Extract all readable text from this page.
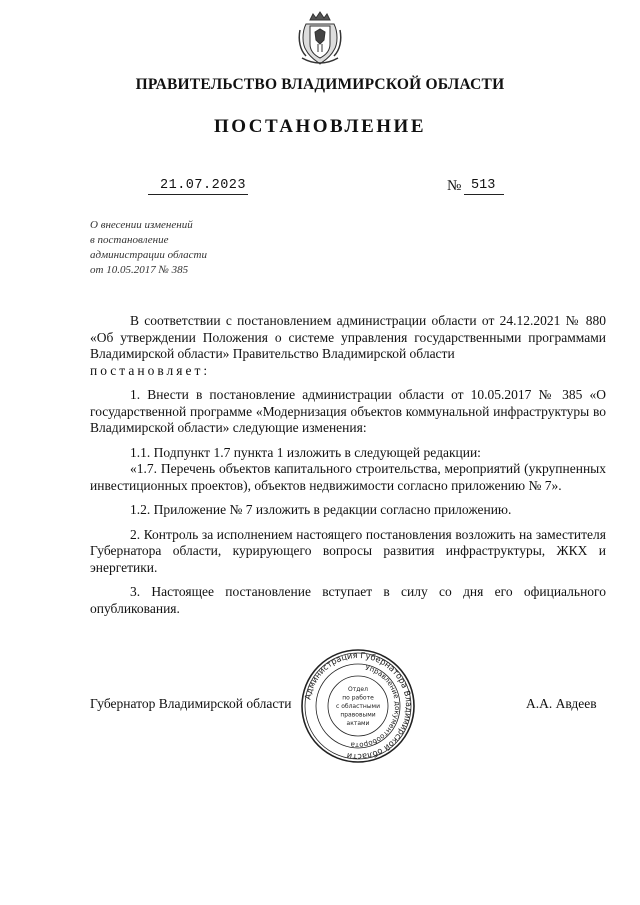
ПРАВИТЕЛЬСТВО ВЛАДИМИРСКОЙ ОБЛАСТИ
ПОСТАНОВЛЕНИЕ
21.07.2023	№ 513
О внесении изменений
в постановление
администрации области
от 10.05.2017 № 385

В соответствии с постановлением администрации области от 24.12.2021 № 880 «Об утверждении Положения о системе управления государственными программами Владимирской области» Правительство Владимирской области

постановляет:

1. Внести в постановление администрации области от 10.05.2017 № 385 «О государственной программе «Модернизация объектов коммунальной инфраструктуры во Владимирской области» следующие изменения:

1.1. Подпункт 1.7 пункта 1 изложить в следующей редакции:

«1.7. Перечень объектов капитального строительства, мероприятий (укрупненных инвестиционных проектов), объектов недвижимости согласно приложению № 7».

1.2. Приложение № 7 изложить в редакции согласно приложению.

2. Контроль за исполнением настоящего постановления возложить на заместителя Губернатора области, курирующего вопросы развития инфраструктуры, ЖКХ и энергетики.

3. Настоящее постановление вступает в силу со дня его официального опубликования.

Губернатор Владимирской области	А.А. Авдеев
Администрация Губернатора Владимирской области
Управление документооборота
Отдел
по работе
с областными
правовыми
актами
